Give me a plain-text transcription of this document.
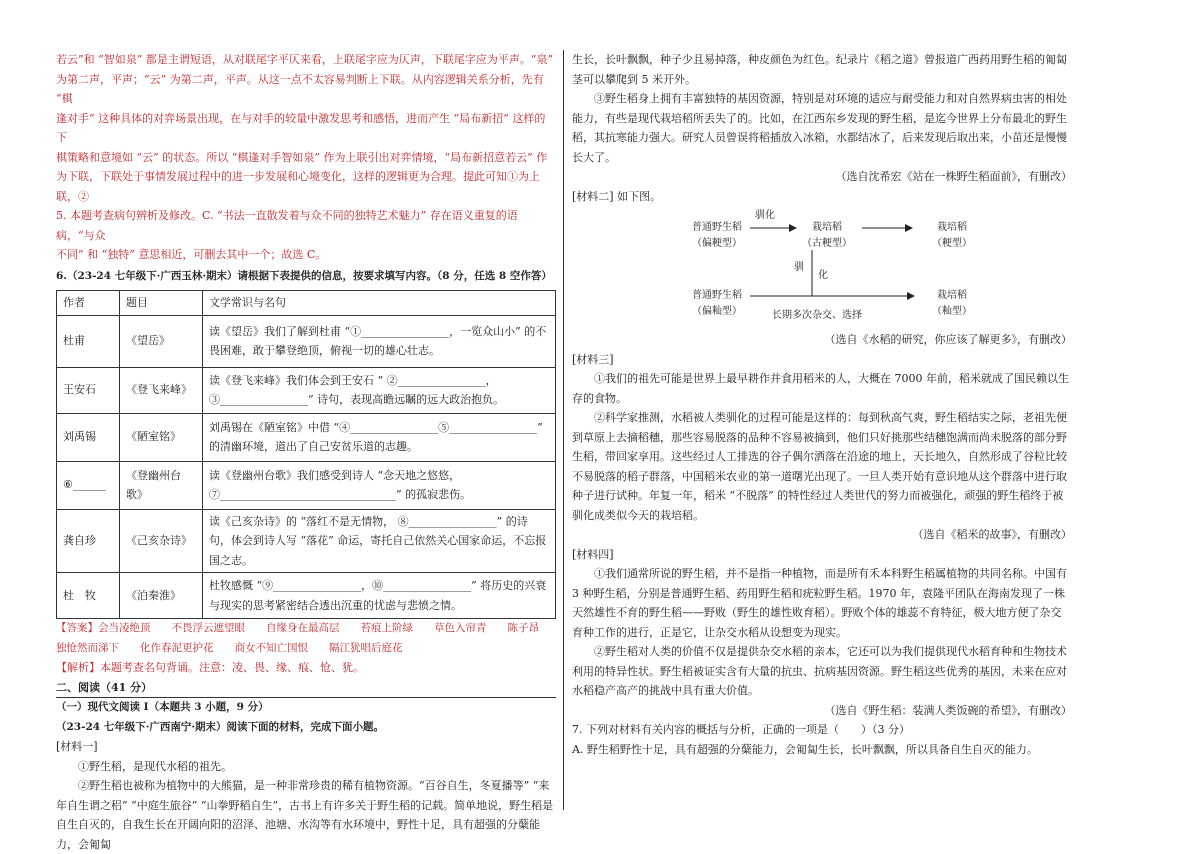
若云”和 “智如泉” 都是主谓短语，从对联尾字平仄来看，上联尾字应为仄声，下联尾字应为平声。“泉”

为第二声，平声；“云” 为第二声，平声。从这一点不太容易判断上下联。从内容逻辑关系分析，先有 “棋

逢对手” 这种具体的对弈场景出现，在与对手的较量中激发思考和感悟，进而产生 “局布新招” 这样的下

棋策略和意境如 “云” 的状态。所以 “棋逢对手智如泉” 作为上联引出对弈情境，“局布新招意若云” 作

为下联，下联处于事情发展过程中的进一步发展和心境变化，这样的逻辑更为合理。提此可知①为上联，②

5. 本题考查病句辨析及修改。C. “书法一直散发着与众不同的独特艺术魅力” 存在语义重复的语病，“与众

不同” 和 “独特” 意思相近，可删去其中一个；故选 C。

6.（23-24 七年级下·广西玉林·期末）请根据下表提供的信息，按要求填写内容。（8 分，任选 8 空作答）

作者	题目	文学常识与名句
杜甫	《望岳》	读《望岳》我们了解到杜甫 “①________________，一览众山小” 的不畏困难，敢于攀登绝顶，俯视一切的雄心壮志。
王安石	《登飞来峰》	读《登飞来峰》我们体会到王安石 “ ②________________，③________________” 诗句，表现高瞻远瞩的远大政治抱负。
刘禹锡	《陋室铭》	刘禹锡在《陋室铭》中借 “④________________⑤________________” 的清幽环境，道出了自己安贫乐道的志趣。
⑥______	《登幽州台歌》	读《登幽州台歌》我们感受到诗人 “念天地之悠悠，⑦________________________________” 的孤寂悲伤。
龚自珍	《己亥杂诗》	读《己亥杂诗》的 “落红不是无情物， ⑧________________” 的诗句，体会到诗人写 “落花” 命运，寄托自己依然关心国家命运，不忘报国之志。
杜　牧	《泊秦淮》	杜牧感慨 “⑨________________，⑩________________” 将历史的兴衰与现实的思考紧密结合透出沉重的忧虑与悲愤之情。

【答案】会当凌绝顶　　不畏浮云遮望眼　　自缘身在最高层　　苔痕上阶绿　　草色入帘青　　陈子昂　　独怆然而涕下　　化作春泥更护花　　商女不知亡国恨　　隔江犹唱后庭花

【解析】本题考查名句背诵。注意：凌、畏、缘、痕、怆、犹。

二、阅读（41 分）

（一）现代文阅读 I（本题共 3 小题，9 分）

（23-24 七年级下·广西南宁·期末）阅读下面的材料，完成下面小题。

[材料一]

①野生稻，是现代水稻的祖先。

②野生稻也被称为植物中的大熊猫，是一种非常珍贵的稀有植物资源。“百谷自生，冬夏播等” “来年自生谓之稆” “中庭生旅谷” “山拳野稻自生”，古书上有许多关于野生稻的记载。简单地说，野生稻是自生自灭的，自我生长在开阔向阳的沼泽、池塘、水沟等有水环境中，野性十足，具有超强的分蘖能力，会匍匐

生长，长叶飘飘，种子少且易掉落，种皮颜色为红色。纪录片《稻之道》曾报道广西药用野生稻的匍匐茎可以攀爬到 5 米开外。

③野生稻身上拥有丰富独特的基因资源，特别是对环境的适应与耐受能力和对自然界病虫害的相处能力，有些是现代栽培稻所丢失了的。比如，在江西东乡发现的野生稻，是迄今世界上分布最北的野生稻，其抗寒能力强大。研究人员曾误将稻插放入冰箱，水都结冰了，后来发现后取出来，小苗还是慢慢长大了。

（选自沈希宏《站在一株野生稻面前》，有删改）

[材料二] 如下图。

驯化
普通野生稻
（偏粳型）
栽培稻
（古粳型）
栽培稻
（粳型）
驯
化
普通野生稻
（偏籼型）	长期多次杂交、选择
栽培稻
（籼型）

（选自《水稻的研究，你应该了解更多》，有删改）

[材料三]

①我们的祖先可能是世界上最早耕作并食用稻米的人，大概在 7000 年前，稻米就成了国民赖以生存的食物。

②科学家推测，水稻被人类驯化的过程可能是这样的：每到秋高气爽，野生稻结实之际，老祖先便到草原上去摘稻穗，那些容易脱落的品种不容易被摘到，他们只好挑那些结穗饱满而尚未脱落的部分野生稻，带回家享用。这些经过人工排选的谷子偶尔洒落在沿途的地上，天长地久，自然形成了谷粒比较不易脱落的稻子群落，中国稻米农业的第一道曙光出现了。一旦人类开始有意识地从这个群落中进行取种子进行试种。年复一年，稻米 “不脱落” 的特性经过人类世代的努力而被强化，顽强的野生稻终于被驯化成类似今天的栽培稻。

（选自《稻米的故事》，有删改）

[材料四]

①我们通常所说的野生稻，并不是指一种植物，而是所有禾本科野生稻属植物的共同名称。中国有 3 种野生稻，分别是普通野生稻、药用野生稻和疣粒野生稻。1970 年，袁隆平团队在海南发现了一株天然雄性不育的野生稻——野败（野生的雄性败育稻）。野败个体的雄蕊不育特征，极大地方便了杂交育种工作的进行，正是它，让杂交水稻从设想变为现实。

②野生稻对人类的价值不仅是提供杂交水稻的亲本，它还可以为我们提供现代水稻育种和生物技术利用的特异性状。野生稻被证实含有大量的抗虫、抗病基因资源。野生稻这些优秀的基因，未来在应对水稻稳产高产的挑战中具有重大价值。

（选自《野生稻：装满人类饭碗的希望》，有删改）

7. 下列对材料有关内容的概括与分析，正确的一项是（　　）（3 分）

A. 野生稻野性十足，具有超强的分蘖能力，会匍匐生长，长叶飘飘，所以具备自生自灭的能力。
